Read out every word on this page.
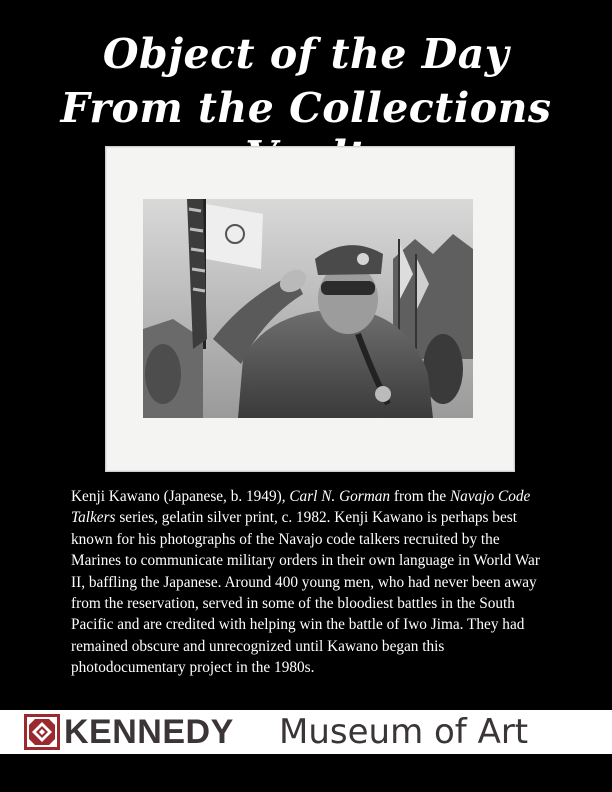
Object of the Day
From the Collections
Kenji Kawano (Japanese, b. 1949), Carl N. Gorman from the Navajo Code Talkers series, gelatin silver print, c. 1982. Kenji Kawano is perhaps best known for his photographs of the Navajo code talkers recruited by the Marines to communicate military orders in their own language in World War II, baffling the Japanese. Around 400 young men, who had never been away from the reservation, served in some of the bloodiest battles in the South Pacific and are credited with helping win the battle of Iwo Jima. They had remained obscure and unrecognized until Kawano began this photodocumentary project in the 1980s.
KENNEDY Museum of Art
